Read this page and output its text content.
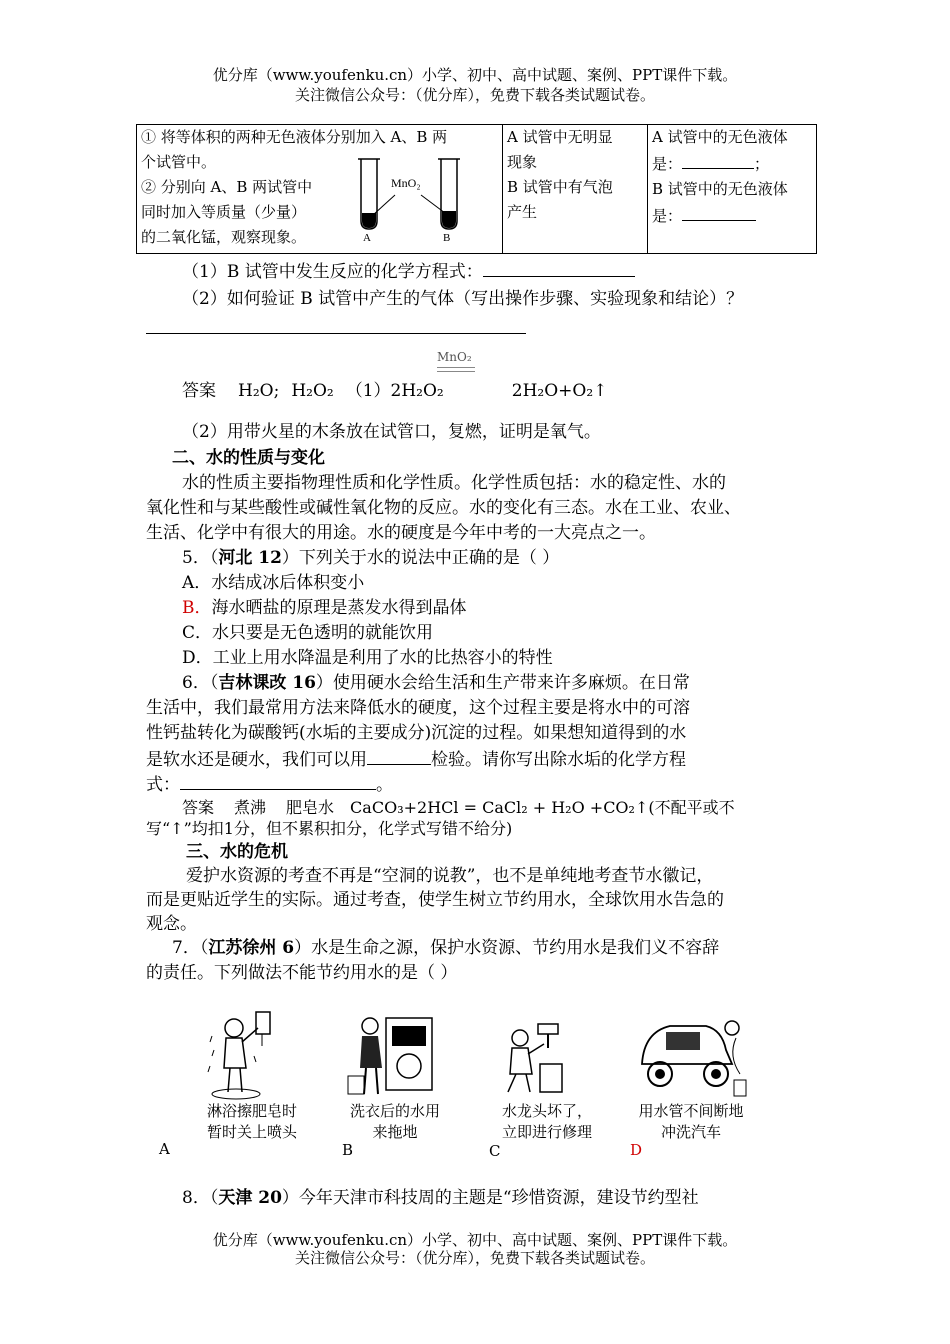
优分库（www.youfenku.cn）小学、初中、高中试题、案例、PPT课件下载。
关注微信公众号：（优分库），免费下载各类试题试卷。
① 将等体积的两种无色液体分别加入 A、B 两
个试管中。
② 分别向 A、B 两试管中
同时加入等质量（少量）
的二氧化锰，观察现象。
MnO₂
A	B

A 试管中无明显
现象
B 试管中有气泡
产生

A 试管中的无色液体
是：	；
B 试管中的无色液体
是：
（1）B 试管中发生反应的化学方程式：
（2）如何验证 B 试管中产生的气体（写出操作步骤、实验现象和结论）？
MnO₂
答案 H₂O; H₂O₂ （1）2H₂O₂	2H₂O+O₂↑
（2）用带火星的木条放在试管口，复燃，证明是氧气。
二、水的性质与变化
水的性质主要指物理性质和化学性质。化学性质包括：水的稳定性、水的
氧化性和与某些酸性或碱性氧化物的反应。水的变化有三态。水在工业、农业、
生活、化学中有很大的用途。水的硬度是今年中考的一大亮点之一。
5．（河北 12）下列关于水的说法中正确的是（ ）
A．水结成冰后体积变小
B．海水晒盐的原理是蒸发水得到晶体
C．水只要是无色透明的就能饮用
D．工业上用水降温是利用了水的比热容小的特性
6．（吉林课改 16）使用硬水会给生活和生产带来许多麻烦。在日常
生活中，我们最常用方法来降低水的硬度，这个过程主要是将水中的可溶
性钙盐转化为碳酸钙(水垢的主要成分)沉淀的过程。如果想知道得到的水
是软水还是硬水，我们可以用	检验。请你写出除水垢的化学方程
式：	。
答案 煮沸 肥皂水 CaCO₃+2HCl = CaCl₂ + H₂O +CO₂↑(不配平或不
写“↑”均扣1分，但不累积扣分，化学式写错不给分)
三、水的危机
爱护水资源的考查不再是“空洞的说教”，也不是单纯地考查节水徽记，
而是更贴近学生的实际。通过考查，使学生树立节约用水，全球饮用水告急的
观念。
7．（江苏徐州 6）水是生命之源，保护水资源、节约用水是我们义不容辞
的责任。下列做法不能节约用水的是（ ）
淋浴擦肥皂时
暂时关上喷头
洗衣后的水用
来拖地
水龙头坏了，
立即进行修理
用水管不间断地
冲洗汽车
A	B	C	D
8．（天津 20）今年天津市科技周的主题是“珍惜资源，建设节约型社
优分库（www.youfenku.cn）小学、初中、高中试题、案例、PPT课件下载。
关注微信公众号：（优分库），免费下载各类试题试卷。
